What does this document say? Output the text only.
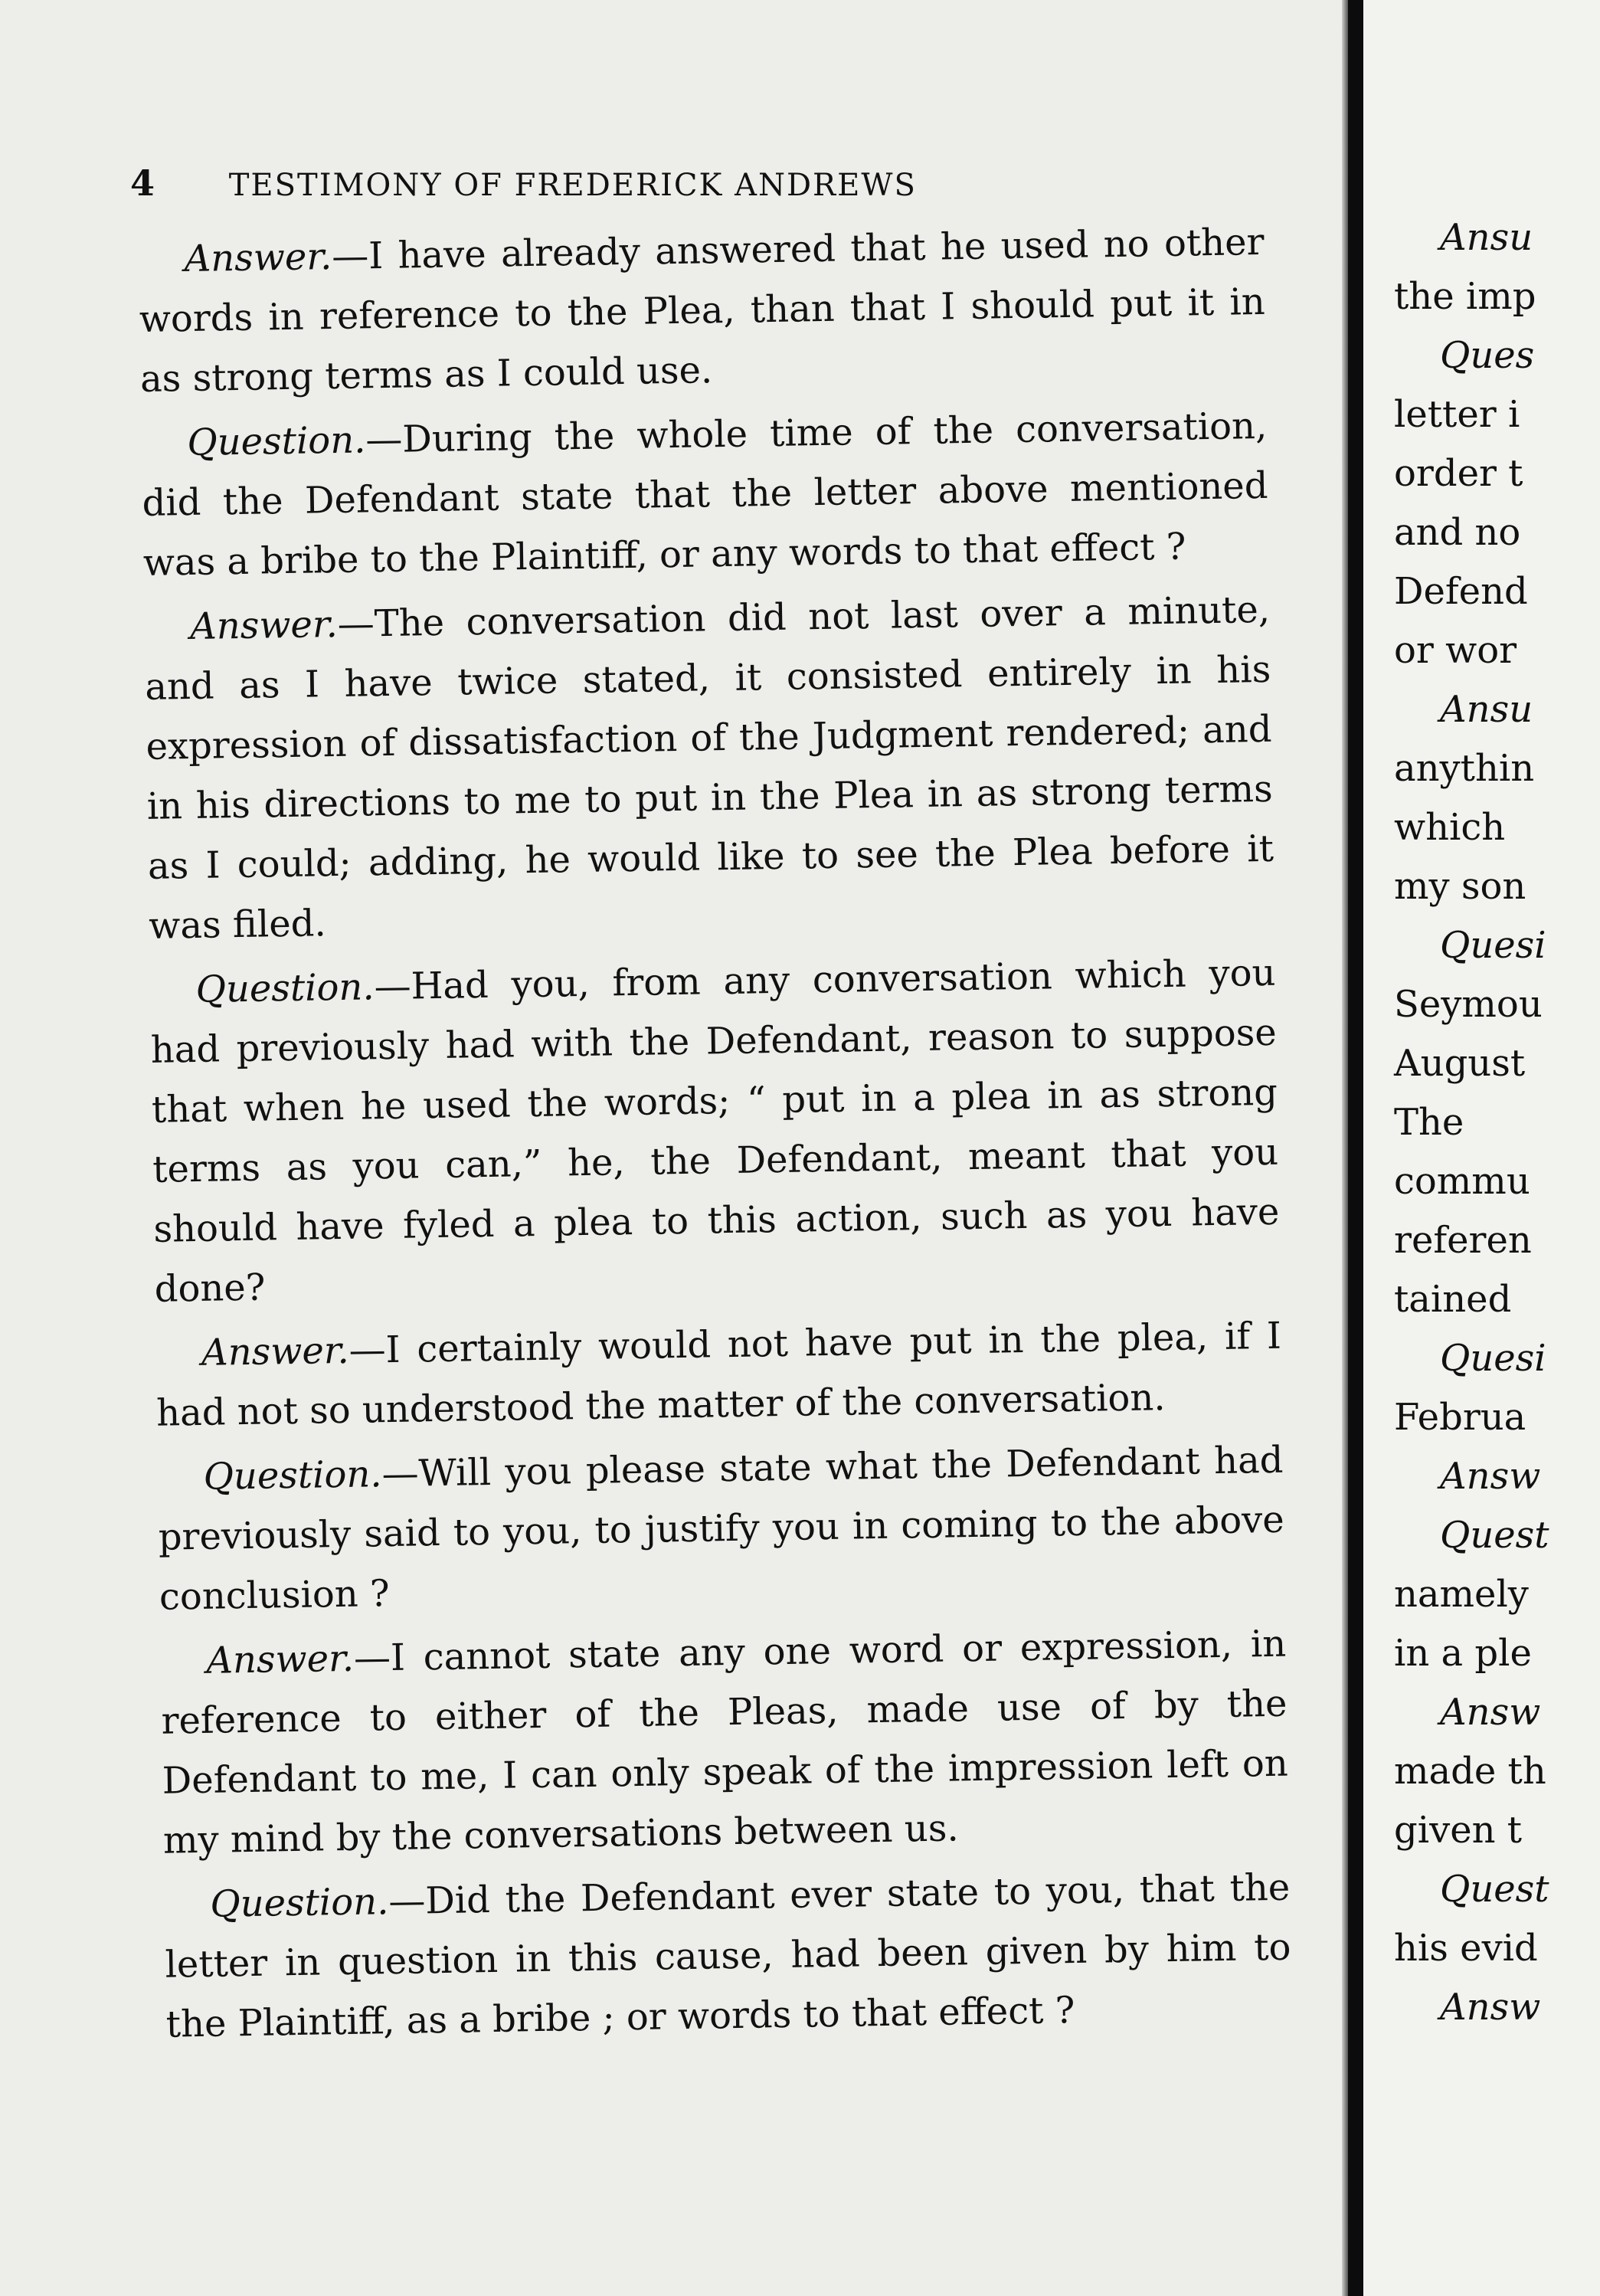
4 TESTIMONY OF FREDERICK ANDREWS

Answer.—I have already answered that he used no other words in reference to the Plea, than that I should put it in as strong terms as I could use.

Question.—During the whole time of the conversation, did the Defendant state that the letter above mentioned was a bribe to the Plaintiff, or any words to that effect ?

Answer.—The conversation did not last over a minute, and as I have twice stated, it consisted entirely in his expression of dissatisfaction of the Judgment rendered; and in his directions to me to put in the Plea in as strong terms as I could; adding, he would like to see the Plea before it was filed.

Question.—Had you, from any conversation which you had previously had with the Defendant, reason to suppose that when he used the words; “ put in a plea in as strong terms as you can,” he, the Defendant, meant that you should have fyled a plea to this action, such as you have done?

Answer.—I certainly would not have put in the plea, if I had not so understood the matter of the conversation.

Question.—Will you please state what the Defendant had previously said to you, to justify you in coming to the above conclusion ?

Answer.—I cannot state any one word or expression, in reference to either of the Pleas, made use of by the Defendant to me, I can only speak of the impression left on my mind by the conversations between us.

Question.—Did the Defendant ever state to you, that the letter in question in this cause, had been given by him to the Plaintiff, as a bribe ; or words to that effect ?

Ansu
the imp
Ques
letter i
order t
and no
Defend
or wor
Ansu
anythin
which
my son
Quesi
Seymou
August
The
commu
referen
tained
Quesi
Februa
Answ
Quest
namely
in a ple
Answ
made th
given t
Quest
his evid
Answ
